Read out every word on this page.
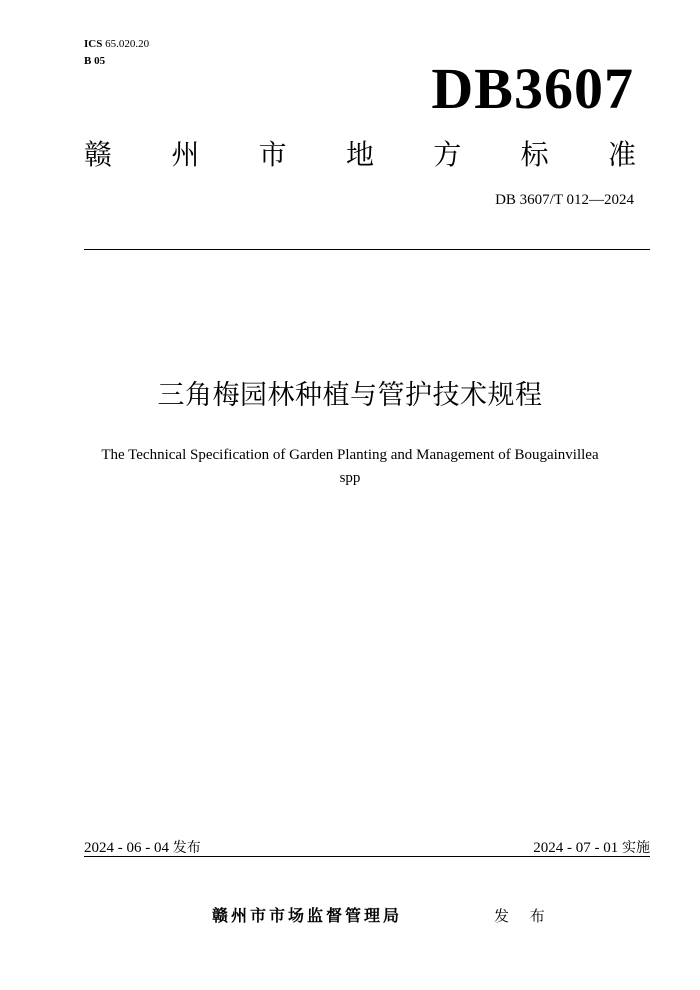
ICS 65.020.20
B 05	DB3607
赣 州 市 地 方 标 准
DB 3607/T 012—2024
三角梅园林种植与管护技术规程
The Technical Specification of Garden Planting and Management of Bougainvillea
spp
2024 - 06 - 04 发布	2024 - 07 - 01 实施
赣州市市场监督管理局	发 布
